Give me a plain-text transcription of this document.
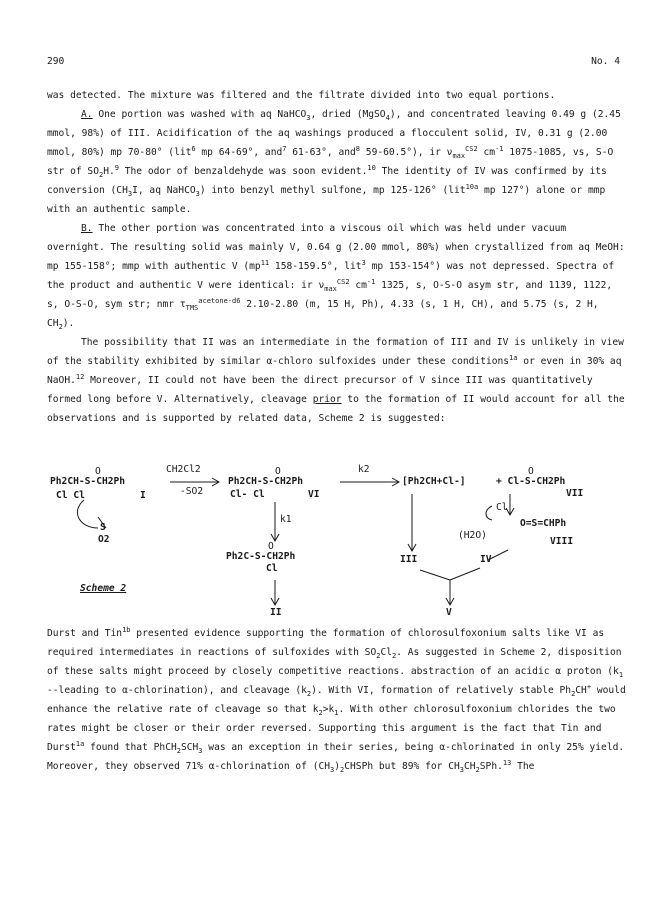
290	No. 4

was detected. The mixture was filtered and the filtrate divided into two equal portions.

A. One portion was washed with aq NaHCO$_3$, dried (MgSO$_4$), and concentrated leaving 0.49 g (2.45 mmol, 98%) of III. Acidification of the aq washings produced a flocculent solid, IV, 0.31 g (2.00 mmol, 80%) mp 70-80° (lit$^6$ mp 64-69°, and$^7$ 61-63°, and$^8$ 59-60.5°), ir $\nu_{max}^{CS2}$ $cm^{-1}$ 1075-1085, vs, S-O str of $SO_2H.^9$ The odor of benzaldehyde was soon evident.$^{10}$ The identity of IV was confirmed by its conversion ($CH_3I$, aq NaHCO$_3$) into benzyl methyl sulfone, mp 125-126° (lit$^{10a}$ mp 127°) alone or mmp with an authentic sample.

B. The other portion was concentrated into a viscous oil which was held under vacuum overnight. The resulting solid was mainly V, 0.64 g (2.00 mmol, 80%) when crystallized from aq MeOH: mp 155-158°; mmp with authentic V ($mp^{11}$ 158-159.5°, lit$^3$ mp 153-154°) was not depressed. Spectra of the product and authentic V were identical: ir $\nu_{max}^{CS2}$ $cm^{-1}$ 1325, s, O-S-O asym str, and 1139, 1122, s, O-S-O, sym str; nmr $\tau_{TMS}^{acetone-d6}$ 2.10-2.80 (m, 15 H, Ph), 4.33 (s, 1 H, CH), and 5.75 (s, 2 H, $CH_2$).

The possibility that II was an intermediate in the formation of III and IV is unlikely in view of the stability exhibited by similar α-chloro sulfoxides under these conditions$^{1a}$ or even in 30% aq NaOH.$^{12}$ Moreover, II could not have been the direct precursor of V since III was quantitatively formed long before V. Alternatively, cleavage prior to the formation of II would account for all the observations and is supported by related data, Scheme 2 is suggested:

CH2Cl2
-SO2
k2
k1
O
Ph2CH-S-CH2Ph
Cl Cl	I
S
O2
O
Ph2CH-S-CH2Ph
Cl- Cl	VI
[Ph2CH+Cl-]
O
+ Cl-S-CH2Ph
VII
Cl
O=S=CHPh
(H2O)
VIII
O
Ph2C-S-CH2Ph
Cl
II
III	IV
V
Scheme 2

Durst and Tin$^{1b}$ presented evidence supporting the formation of chlorosulfoxonium salts like VI as required intermediates in reactions of sulfoxides with $SO_2Cl_2$. As suggested in Scheme 2, disposition of these salts might proceed by closely competitive reactions. abstraction of an acidic α proton ($k_1$ --leading to α-chlorination), and cleavage $(k_2)$. With VI, formation of relatively stable $Ph_2CH^+$ would enhance the relative rate of cleavage so that $k_2>k_1$. With other chlorosulfoxonium chlorides the two rates might be closer or their order reversed. Supporting this argument is the fact that Tin and Durst$^{1a}$ found that $PhCH_2SCH_3$ was an exception in their series, being α-chlorinated in only 25% yield. Moreover, they observed 71% α-chlorination of $(CH_3)_2CHSPh$ but 89% for $CH_3CH_2SPh.^{13}$ The
